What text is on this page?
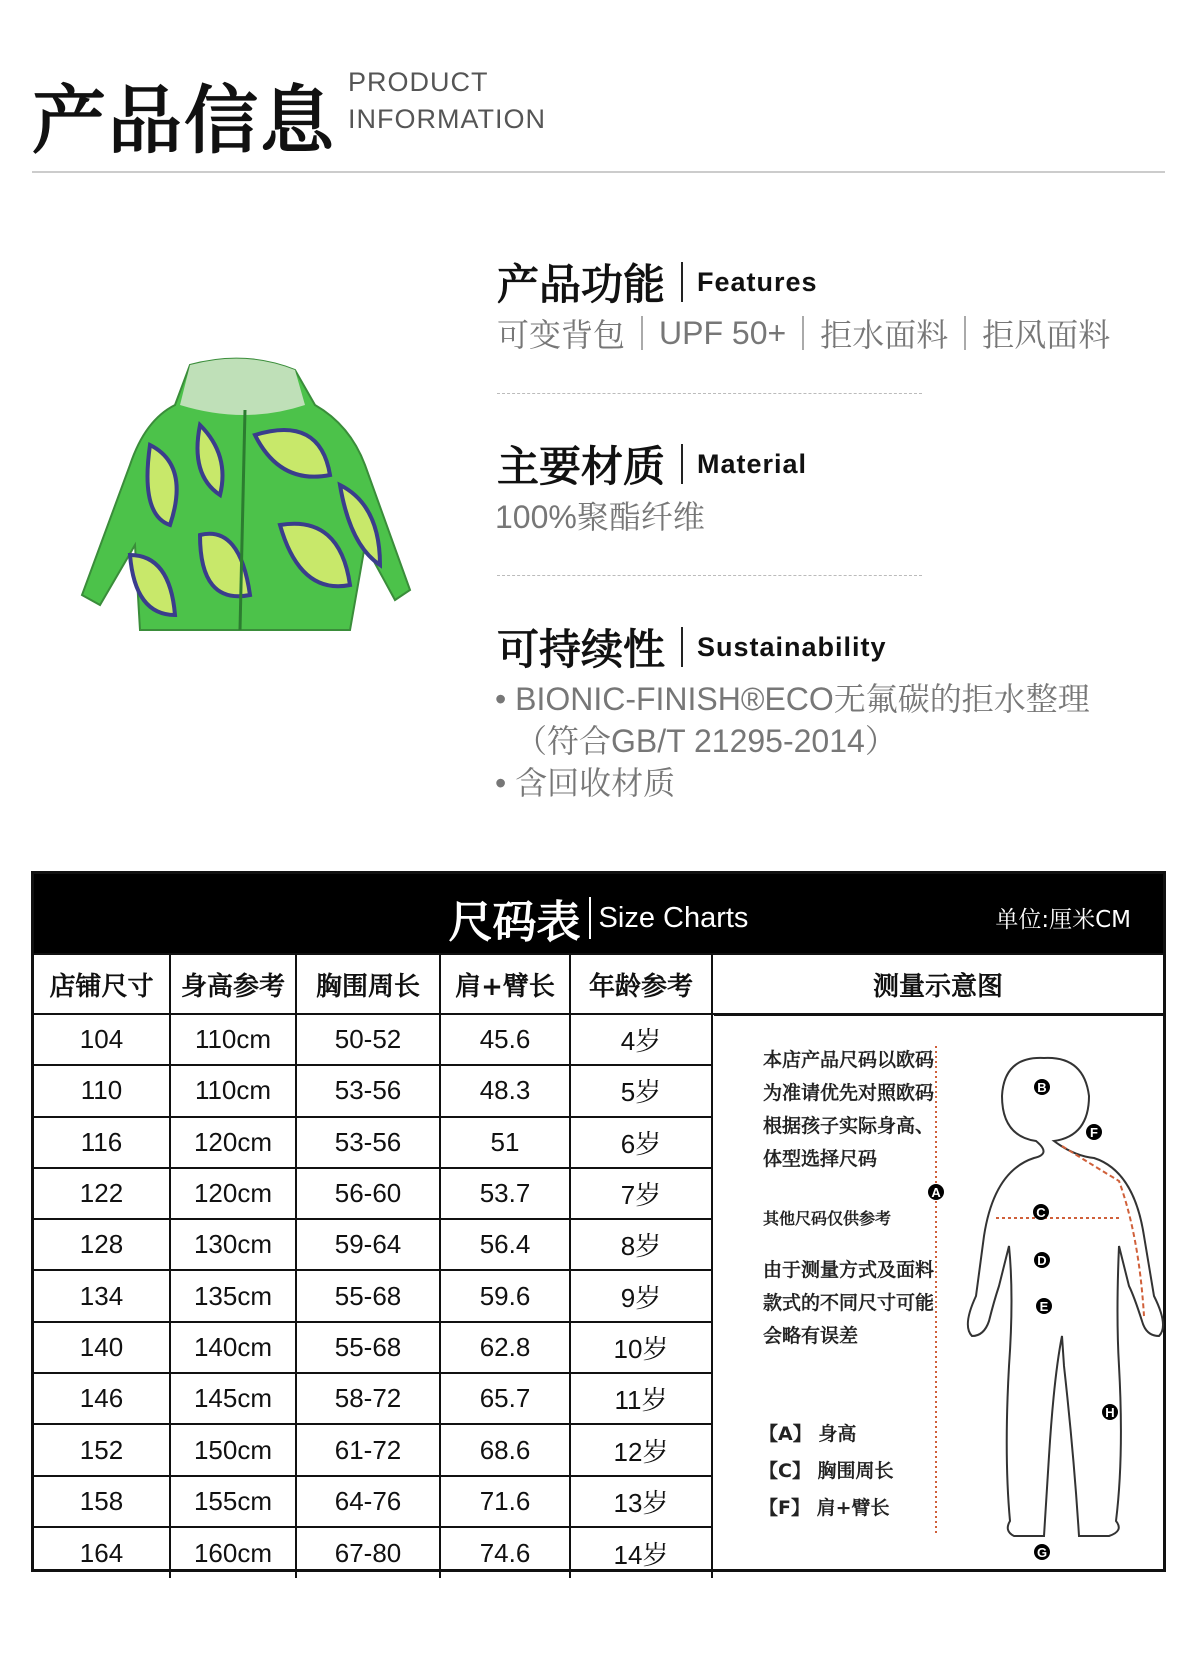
产品信息 PRODUCT
INFORMATION
产品功能 Features
可变背包 UPF 50+ 拒水面料 拒风面料
主要材质 Material
100%聚酯纤维
可持续性 Sustainability
• BIONIC-FINISH®ECO无氟碳的拒水整理
（符合GB/T 21295-2014）
• 含回收材质
尺码表 Size Charts	单位:厘米CM
店铺尺寸	身高参考	胸围周长	肩+臂长	年龄参考	测量示意图
104	110cm	50-52	45.6	4岁	
110	110cm	53-56	48.3	5岁	
116	120cm	53-56	51	6岁	
122	120cm	56-60	53.7	7岁	
128	130cm	59-64	56.4	8岁	
134	135cm	55-68	59.6	9岁	
140	140cm	55-68	62.8	10岁	
146	145cm	58-72	65.7	11岁	
152	150cm	61-72	68.6	12岁	
158	155cm	64-76	71.6	13岁	
164	160cm	67-80	74.6	14岁	
本店产品尺码以欧码
为准请优先对照欧码
根据孩子实际身高、
体型选择尺码
其他尺码仅供参考
由于测量方式及面料
款式的不同尺寸可能
会略有误差
【A】 身高
【C】 胸围周长
【F】 肩+臂长
A
B
C
D
E
F
G
H
